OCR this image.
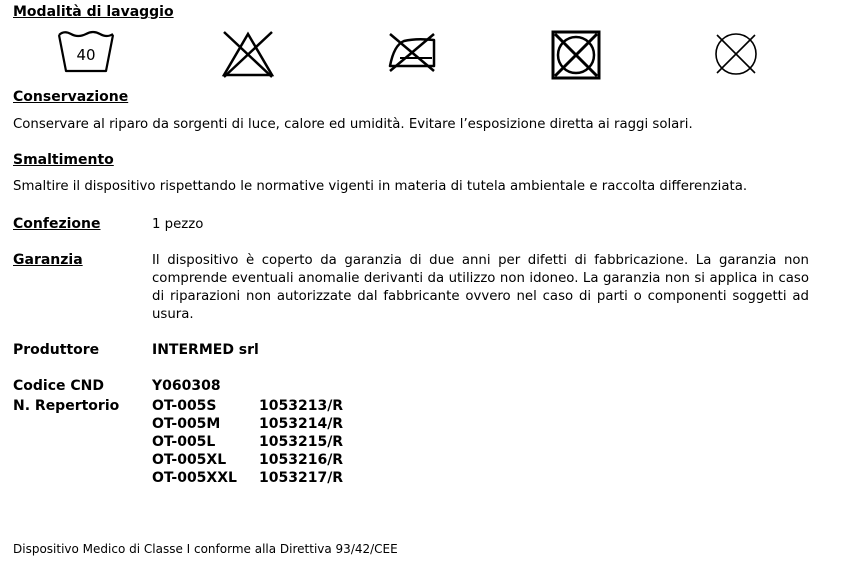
Modalità di lavaggio
40
Conservazione
Conservare al riparo da sorgenti di luce, calore ed umidità. Evitare l’esposizione diretta ai raggi solari.
Smaltimento
Smaltire il dispositivo rispettando le normative vigenti in materia di tutela ambientale e raccolta differenziata.
Confezione	1 pezzo
Garanzia	Il dispositivo è coperto da garanzia di due anni per difetti di fabbricazione. La garanzia non comprende eventuali anomalie derivanti da utilizzo non idoneo. La garanzia non si applica in caso di riparazioni non autorizzate dal fabbricante ovvero nel caso di parti o componenti soggetti ad usura.
Produttore	INTERMED srl
Codice CND	Y060308
N. Repertorio OT-005S	1053213/R
OT-005M	1053214/R
OT-005L	1053215/R
OT-005XL 1053216/R
OT-005XXL 1053217/R
Dispositivo Medico di Classe I conforme alla Direttiva 93/42/CEE
